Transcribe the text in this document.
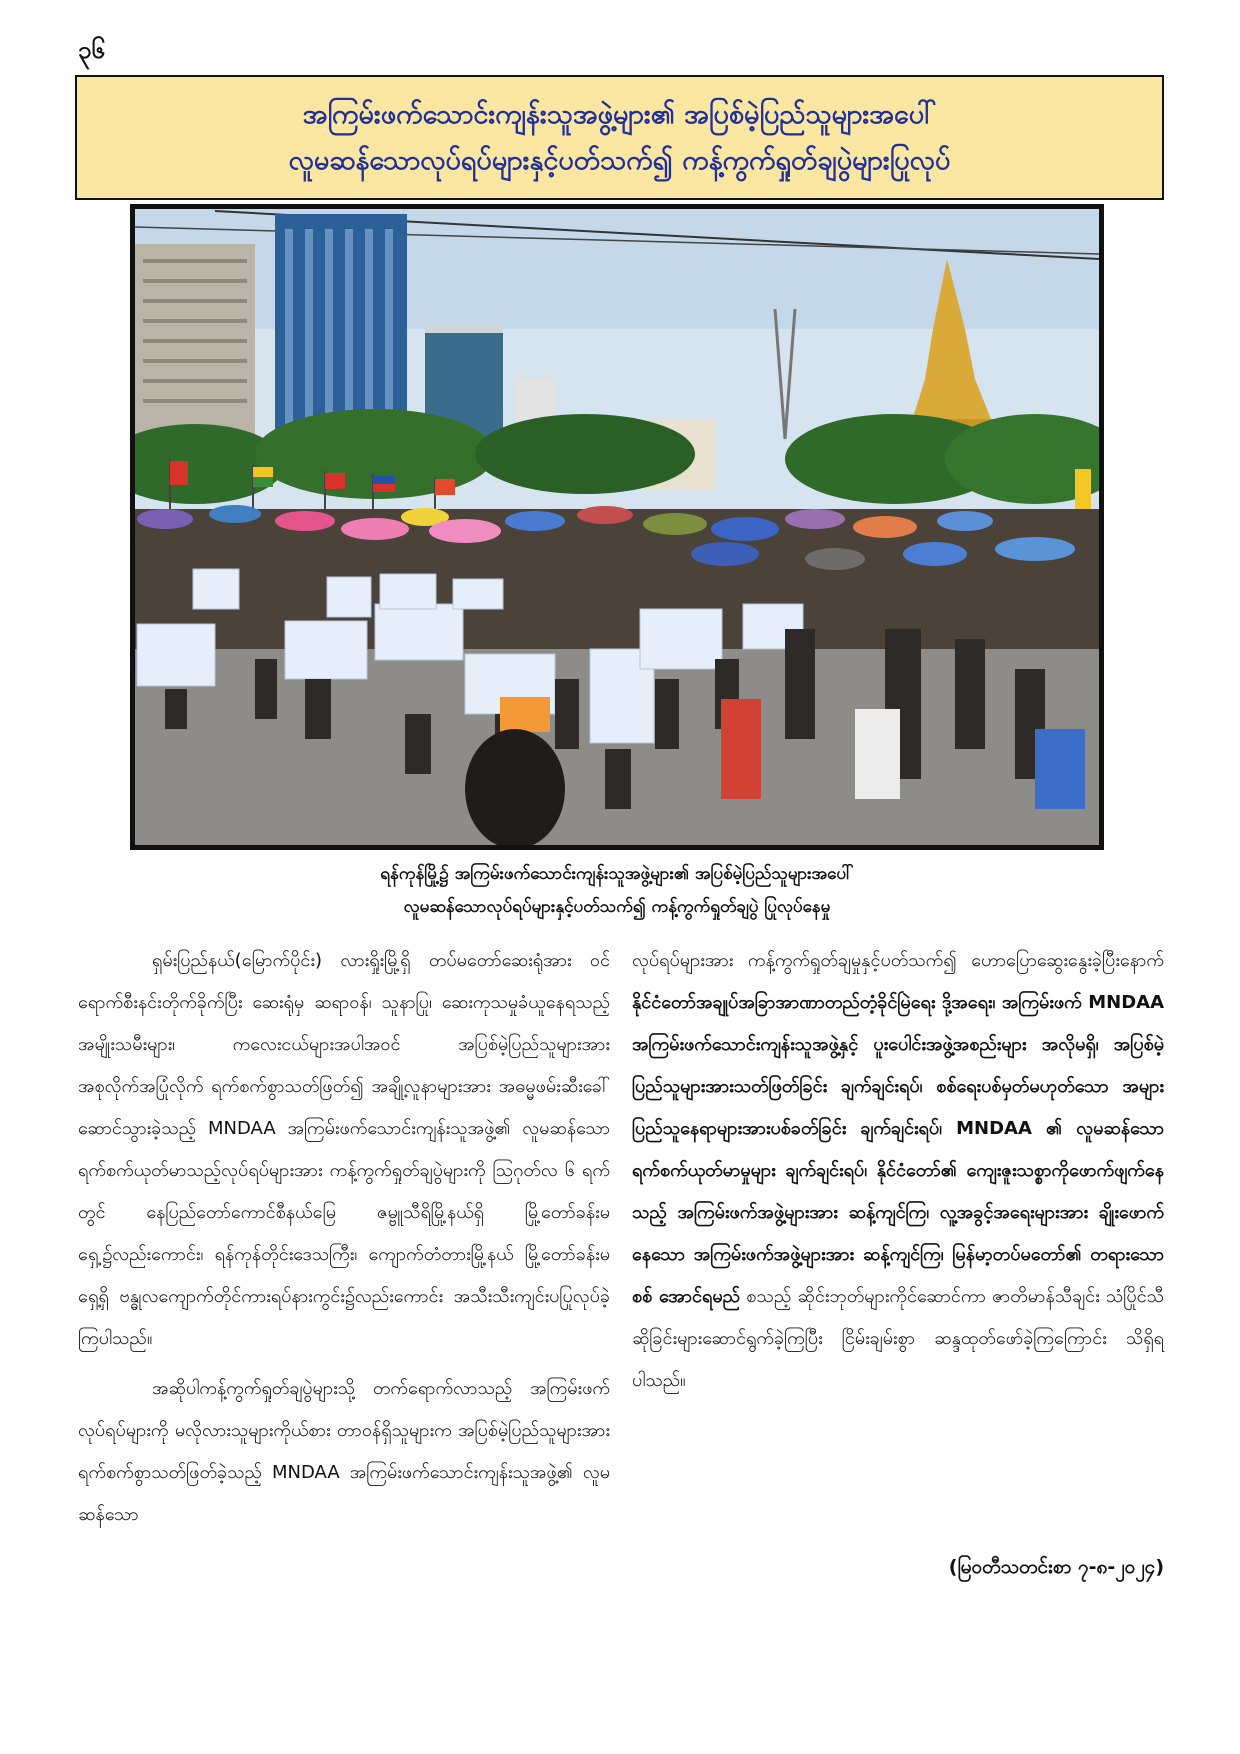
၃၆
အကြမ်းဖက်သောင်းကျန်းသူအဖွဲ့များ၏ အပြစ်မဲ့ပြည်သူများအပေါ်
လူမဆန်သောလုပ်ရပ်များနှင့်ပတ်သက်၍ ကန့်ကွက်ရှုတ်ချပွဲများပြုလုပ်
ရန်ကုန်မြို့၌ အကြမ်းဖက်သောင်းကျန်းသူအဖွဲ့များ၏ အပြစ်မဲ့ပြည်သူများအပေါ်
လူမဆန်သောလုပ်ရပ်များနှင့်ပတ်သက်၍ ကန့်ကွက်ရှုတ်ချပွဲ ပြုလုပ်နေမှု

ရှမ်းပြည်နယ်(မြောက်ပိုင်း) လားရှိုးမြို့ရှိ တပ်မတော်ဆေးရုံအား ဝင်ရောက်စီးနင်းတိုက်ခိုက်ပြီး ဆေးရုံမှ ဆရာဝန်၊ သူနာပြု၊ ဆေးကုသမှုခံယူနေရသည့် အမျိုးသမီးများ၊ ကလေးငယ်များအပါအဝင် အပြစ်မဲ့ပြည်သူများအား အစုလိုက်အပြုံလိုက် ရက်စက်စွာသတ်ဖြတ်၍ အချို့လူနာများအား အဓမ္မဖမ်းဆီးခေါ်ဆောင်သွားခဲ့သည့် MNDAA အကြမ်းဖက်သောင်းကျန်းသူအဖွဲ့၏ လူမဆန်သောရက်စက်ယုတ်မာသည့်လုပ်ရပ်များအား ကန့်ကွက်ရှုတ်ချပွဲများကို ဩဂုတ်လ ၆ ရက်တွင် နေပြည်တော်ကောင်စီနယ်မြေ ဇမ္ဗူသီရိမြို့နယ်ရှိ မြို့တော်ခန်းမရှေ့၌လည်းကောင်း၊ ရန်ကုန်တိုင်းဒေသကြီး၊ ကျောက်တံတားမြို့နယ် မြို့တော်ခန်းမရှေ့ရှိ ဗန္ဓုလကျောက်တိုင်ကားရပ်နားကွင်း၌လည်းကောင်း အသီးသီးကျင်းပပြုလုပ်ခဲ့ကြပါသည်။

အဆိုပါကန့်ကွက်ရှုတ်ချပွဲများသို့ တက်ရောက်လာသည့် အကြမ်းဖက်လုပ်ရပ်များကို မလိုလားသူများကိုယ်စား တာဝန်ရှိသူများက အပြစ်မဲ့ပြည်သူများအား ရက်စက်စွာသတ်ဖြတ်ခဲ့သည့် MNDAA အကြမ်းဖက်သောင်းကျန်းသူအဖွဲ့၏ လူမဆန်သော

လုပ်ရပ်များအား ကန့်ကွက်ရှုတ်ချမှုနှင့်ပတ်သက်၍ ဟောပြောဆွေးနွေးခဲ့ပြီးနောက် နိုင်ငံတော်အချုပ်အခြာအာဏာတည်တံ့ခိုင်မြဲရေး ဒို့အရေး၊ အကြမ်းဖက် MNDAA အကြမ်းဖက်သောင်းကျန်းသူအဖွဲ့နှင့် ပူးပေါင်းအဖွဲ့အစည်းများ အလိုမရှိ၊ အပြစ်မဲ့ပြည်သူများအားသတ်ဖြတ်ခြင်း ချက်ချင်းရပ်၊ စစ်ရေးပစ်မှတ်မဟုတ်သော အများပြည်သူနေရာများအားပစ်ခတ်ခြင်း ချက်ချင်းရပ်၊ MNDAA ၏ လူမဆန်သော ရက်စက်ယုတ်မာမှုများ ချက်ချင်းရပ်၊ နိုင်ငံတော်၏ ကျေးဇူးသစ္စာကိုဖောက်ဖျက်နေသည့် အကြမ်းဖက်အဖွဲ့များအား ဆန့်ကျင်ကြ၊ လူ့အခွင့်အရေးများအား ချိုးဖောက်နေသော အကြမ်းဖက်အဖွဲ့များအား ဆန့်ကျင်ကြ၊ မြန်မာ့တပ်မတော်၏ တရားသောစစ် အောင်ရမည် စသည့် ဆိုင်းဘုတ်များကိုင်ဆောင်ကာ ဇာတိမာန်သီချင်း သံပြိုင်သီဆိုခြင်းများဆောင်ရွက်ခဲ့ကြပြီး ငြိမ်းချမ်းစွာ ဆန္ဒထုတ်ဖော်ခဲ့ကြကြောင်း သိရှိရပါသည်။

(မြဝတီသတင်းစာ ၇-၈-၂၀၂၄)
